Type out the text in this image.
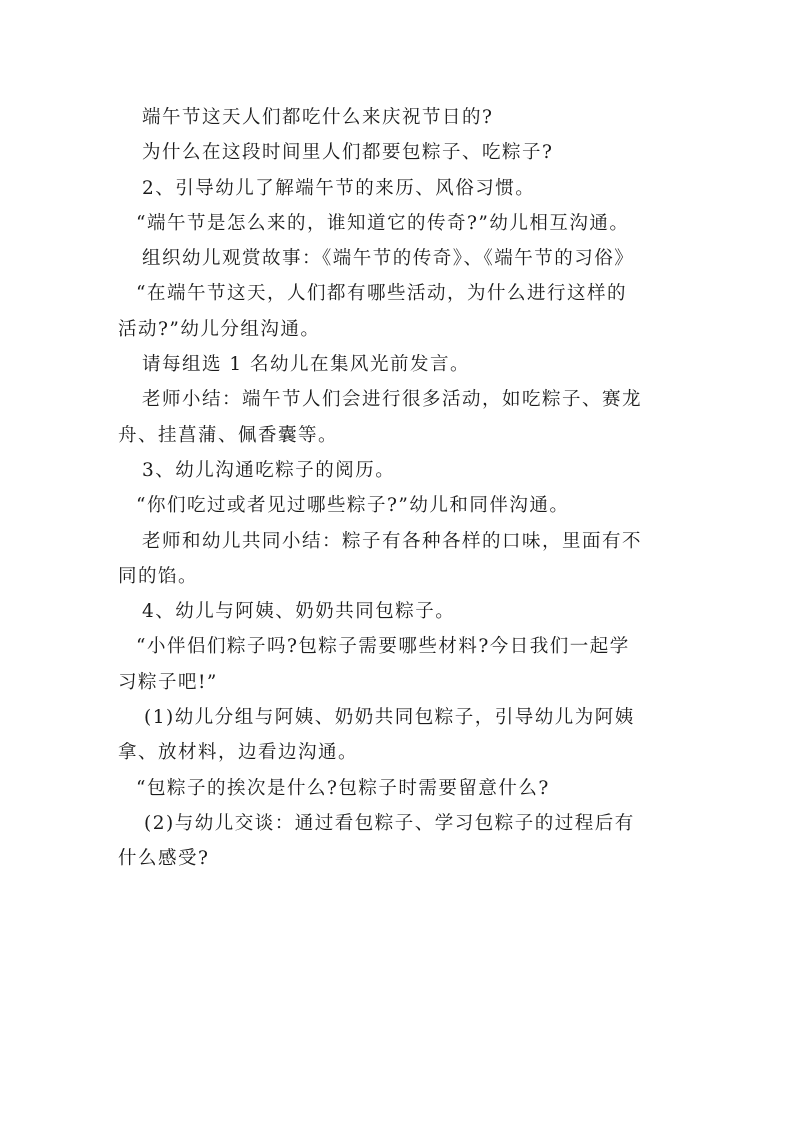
端午节这天人们都吃什么来庆祝节日的?
为什么在这段时间里人们都要包粽子、吃粽子?
2、引导幼儿了解端午节的来历、风俗习惯。
“端午节是怎么来的，谁知道它的传奇?”幼儿相互沟通。
组织幼儿观赏故事：《端午节的传奇》、《端午节的习俗》
“在端午节这天，人们都有哪些活动，为什么进行这样的
活动?”幼儿分组沟通。
请每组选 1 名幼儿在集风光前发言。
老师小结：端午节人们会进行很多活动，如吃粽子、赛龙
舟、挂菖蒲、佩香囊等。
3、幼儿沟通吃粽子的阅历。
“你们吃过或者见过哪些粽子?”幼儿和同伴沟通。
老师和幼儿共同小结：粽子有各种各样的口味，里面有不
同的馅。
4、幼儿与阿姨、奶奶共同包粽子。
“小伴侣们粽子吗?包粽子需要哪些材料?今日我们一起学
习粽子吧!”
(1)幼儿分组与阿姨、奶奶共同包粽子，引导幼儿为阿姨
拿、放材料，边看边沟通。
“包粽子的挨次是什么?包粽子时需要留意什么?
(2)与幼儿交谈：通过看包粽子、学习包粽子的过程后有
什么感受?
